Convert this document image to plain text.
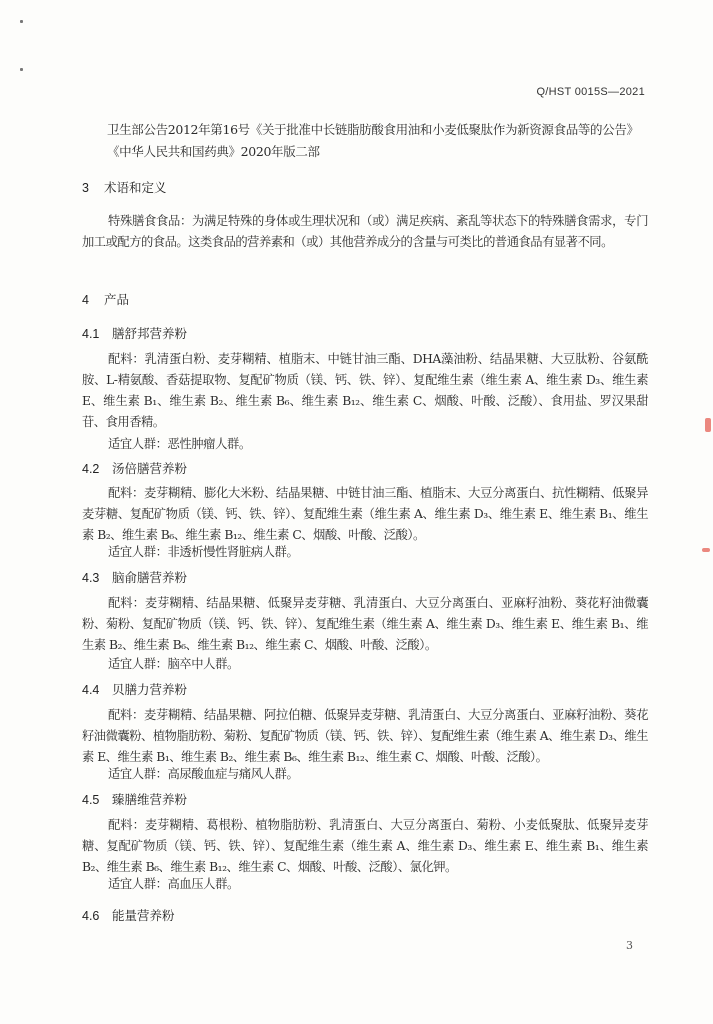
Q/HST 0015S—2021
卫生部公告2012年第16号《关于批准中长链脂肪酸食用油和小麦低聚肽作为新资源食品等的公告》
《中华人民共和国药典》2020年版二部
3 术语和定义

特殊膳食食品：为满足特殊的身体或生理状况和（或）满足疾病、紊乱等状态下的特殊膳食需求，专门加工或配方的食品。这类食品的营养素和（或）其他营养成分的含量与可类比的普通食品有显著不同。

4 产品
4.1 膳舒邦营养粉

配料：乳清蛋白粉、麦芽糊精、植脂末、中链甘油三酯、DHA藻油粉、结晶果糖、大豆肽粉、谷氨酰胺、L-精氨酸、香菇提取物、复配矿物质（镁、钙、铁、锌）、复配维生素（维生素 A、维生素 D₃、维生素 E、维生素 B₁、维生素 B₂、维生素 B₆、维生素 B₁₂、维生素 C、烟酸、叶酸、泛酸）、食用盐、罗汉果甜苷、食用香精。

适宜人群：恶性肿瘤人群。
4.2 汤倍膳营养粉

配料：麦芽糊精、膨化大米粉、结晶果糖、中链甘油三酯、植脂末、大豆分离蛋白、抗性糊精、低聚异麦芽糖、复配矿物质（镁、钙、铁、锌）、复配维生素（维生素 A、维生素 D₃、维生素 E、维生素 B₁、维生素 B₂、维生素 B₆、维生素 B₁₂、维生素 C、烟酸、叶酸、泛酸）。

适宜人群：非透析慢性肾脏病人群。
4.3 脑俞膳营养粉

配料：麦芽糊精、结晶果糖、低聚异麦芽糖、乳清蛋白、大豆分离蛋白、亚麻籽油粉、葵花籽油微囊粉、菊粉、复配矿物质（镁、钙、铁、锌）、复配维生素（维生素 A、维生素 D₃、维生素 E、维生素 B₁、维生素 B₂、维生素 B₆、维生素 B₁₂、维生素 C、烟酸、叶酸、泛酸）。

适宜人群：脑卒中人群。
4.4 贝膳力营养粉

配料：麦芽糊精、结晶果糖、阿拉伯糖、低聚异麦芽糖、乳清蛋白、大豆分离蛋白、亚麻籽油粉、葵花籽油微囊粉、植物脂肪粉、菊粉、复配矿物质（镁、钙、铁、锌）、复配维生素（维生素 A、维生素 D₃、维生素 E、维生素 B₁、维生素 B₂、维生素 B₆、维生素 B₁₂、维生素 C、烟酸、叶酸、泛酸）。

适宜人群：高尿酸血症与痛风人群。
4.5 臻膳维营养粉

配料：麦芽糊精、葛根粉、植物脂肪粉、乳清蛋白、大豆分离蛋白、菊粉、小麦低聚肽、低聚异麦芽糖、复配矿物质（镁、钙、铁、锌）、复配维生素（维生素 A、维生素 D₃、维生素 E、维生素 B₁、维生素 B₂、维生素 B₆、维生素 B₁₂、维生素 C、烟酸、叶酸、泛酸）、氯化钾。

适宜人群：高血压人群。
4.6 能量营养粉
3
